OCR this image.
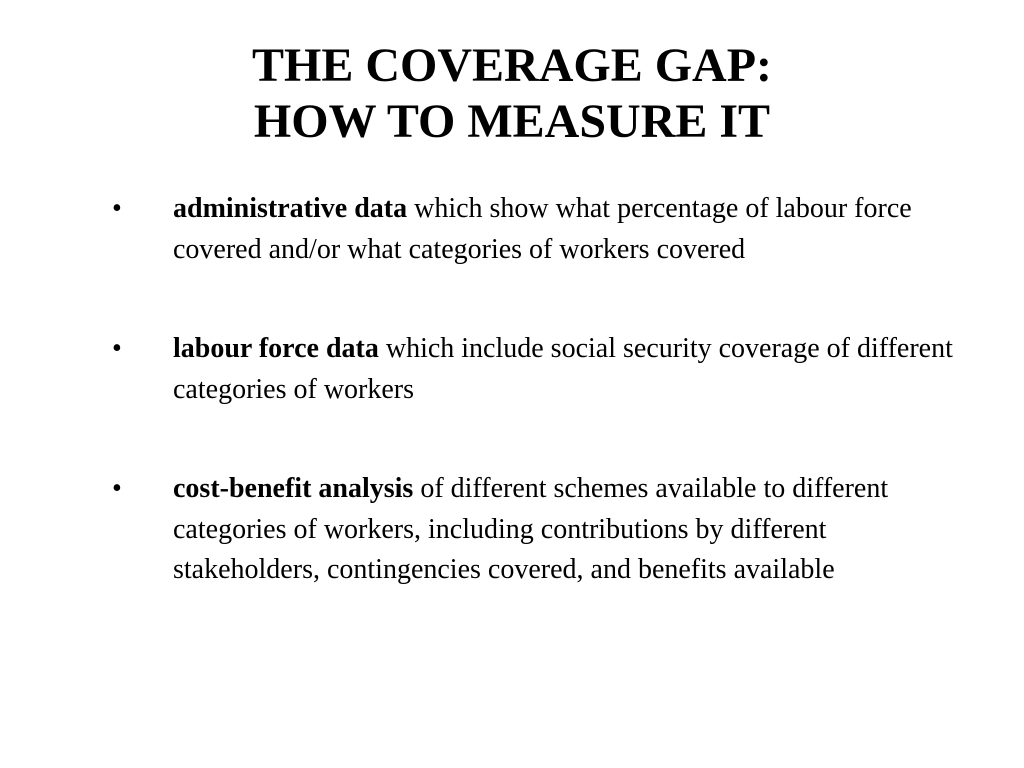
THE COVERAGE GAP:
HOW TO MEASURE IT
• administrative data which show what percentage of labour force covered and/or what categories of workers covered
• labour force data which include social security coverage of different categories of workers
• cost-benefit analysis of different schemes available to different categories of workers, including contributions by different stakeholders, contingencies covered, and benefits available
